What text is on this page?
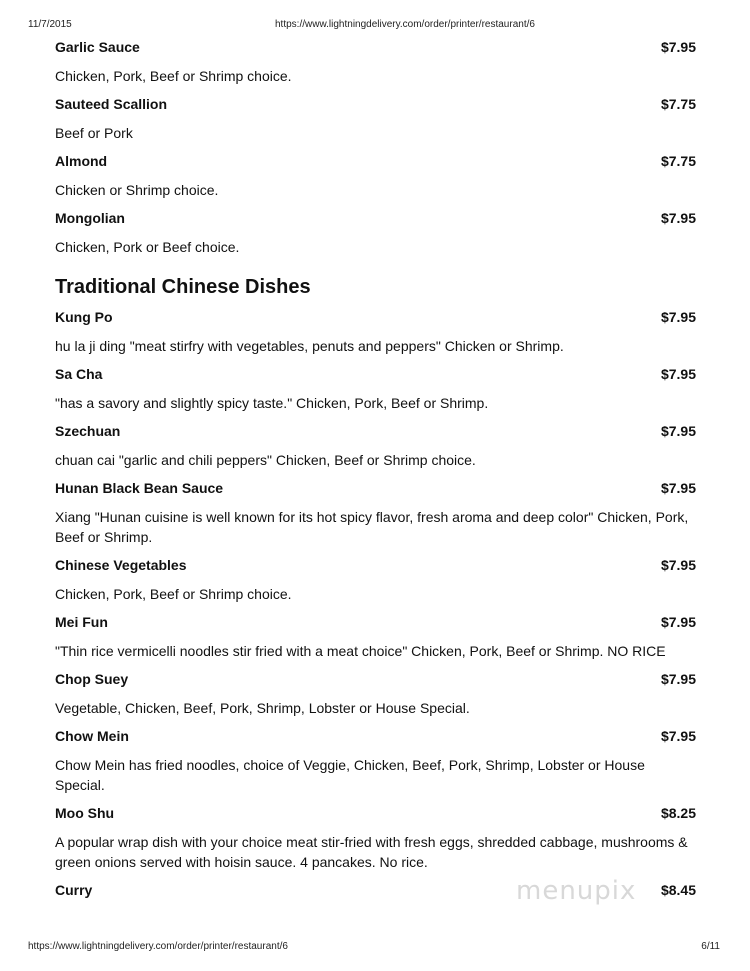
11/7/2015	https://www.lightningdelivery.com/order/printer/restaurant/6
Garlic Sauce	$7.95
Chicken, Pork, Beef or Shrimp choice.
Sauteed Scallion	$7.75
Beef or Pork
Almond	$7.75
Chicken or Shrimp choice.
Mongolian	$7.95
Chicken, Pork or Beef choice.
Traditional Chinese Dishes
Kung Po	$7.95
hu la ji ding "meat stirfry with vegetables, penuts and peppers" Chicken or Shrimp.
Sa Cha	$7.95
"has a savory and slightly spicy taste." Chicken, Pork, Beef or Shrimp.
Szechuan	$7.95
chuan cai "garlic and chili peppers" Chicken, Beef or Shrimp choice.
Hunan Black Bean Sauce	$7.95
Xiang "Hunan cuisine is well known for its hot spicy flavor, fresh aroma and deep color" Chicken, Pork, Beef or Shrimp.
Chinese Vegetables	$7.95
Chicken, Pork, Beef or Shrimp choice.
Mei Fun	$7.95
"Thin rice vermicelli noodles stir fried with a meat choice" Chicken, Pork, Beef or Shrimp. NO RICE
Chop Suey	$7.95
Vegetable, Chicken, Beef, Pork, Shrimp, Lobster or House Special.
Chow Mein	$7.95
Chow Mein has fried noodles, choice of Veggie, Chicken, Beef, Pork, Shrimp, Lobster or House Special.
Moo Shu	$8.25
A popular wrap dish with your choice meat stir-fried with fresh eggs, shredded cabbage, mushrooms & green onions served with hoisin sauce. 4 pancakes. No rice.
Curry	$8.45
menupix
https://www.lightningdelivery.com/order/printer/restaurant/6	6/11
